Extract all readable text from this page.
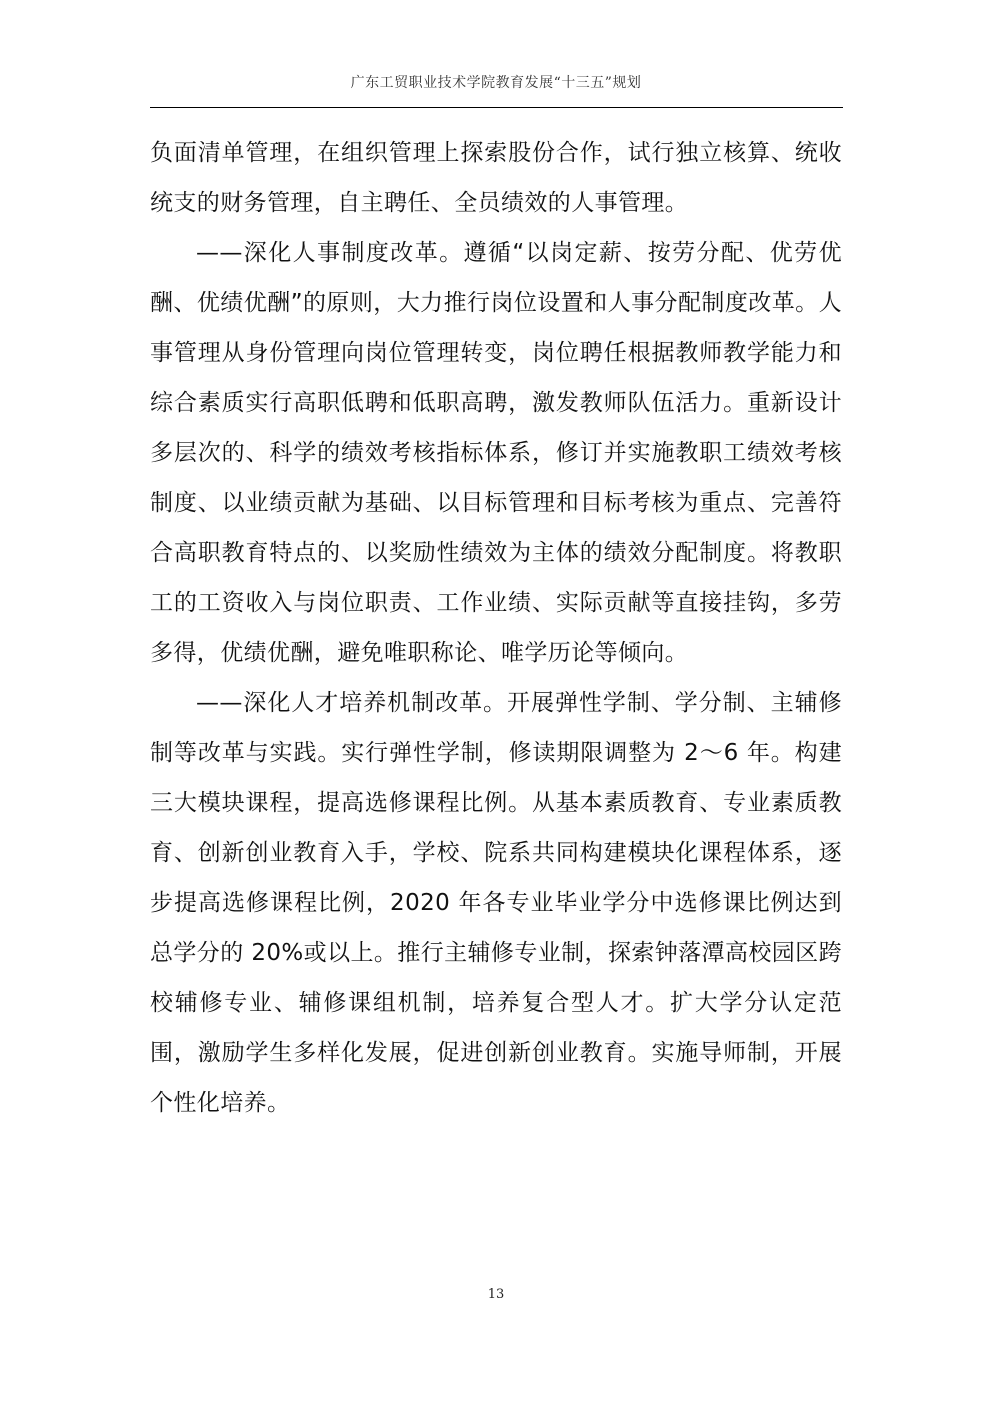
广东工贸职业技术学院教育发展“十三五”规划

负面清单管理，在组织管理上探索股份合作，试行独立核算、统收统支的财务管理，自主聘任、全员绩效的人事管理。

——深化人事制度改革。遵循“以岗定薪、按劳分配、优劳优酬、优绩优酬”的原则，大力推行岗位设置和人事分配制度改革。人事管理从身份管理向岗位管理转变，岗位聘任根据教师教学能力和综合素质实行高职低聘和低职高聘，激发教师队伍活力。重新设计多层次的、科学的绩效考核指标体系，修订并实施教职工绩效考核制度、以业绩贡献为基础、以目标管理和目标考核为重点、完善符合高职教育特点的、以奖励性绩效为主体的绩效分配制度。将教职工的工资收入与岗位职责、工作业绩、实际贡献等直接挂钩，多劳多得，优绩优酬，避免唯职称论、唯学历论等倾向。

——深化人才培养机制改革。开展弹性学制、学分制、主辅修制等改革与实践。实行弹性学制，修读期限调整为 2～6 年。构建三大模块课程，提高选修课程比例。从基本素质教育、专业素质教育、创新创业教育入手，学校、院系共同构建模块化课程体系，逐步提高选修课程比例，2020 年各专业毕业学分中选修课比例达到总学分的 20%或以上。推行主辅修专业制，探索钟落潭高校园区跨校辅修专业、辅修课组机制，培养复合型人才。扩大学分认定范围，激励学生多样化发展，促进创新创业教育。实施导师制，开展个性化培养。

13
